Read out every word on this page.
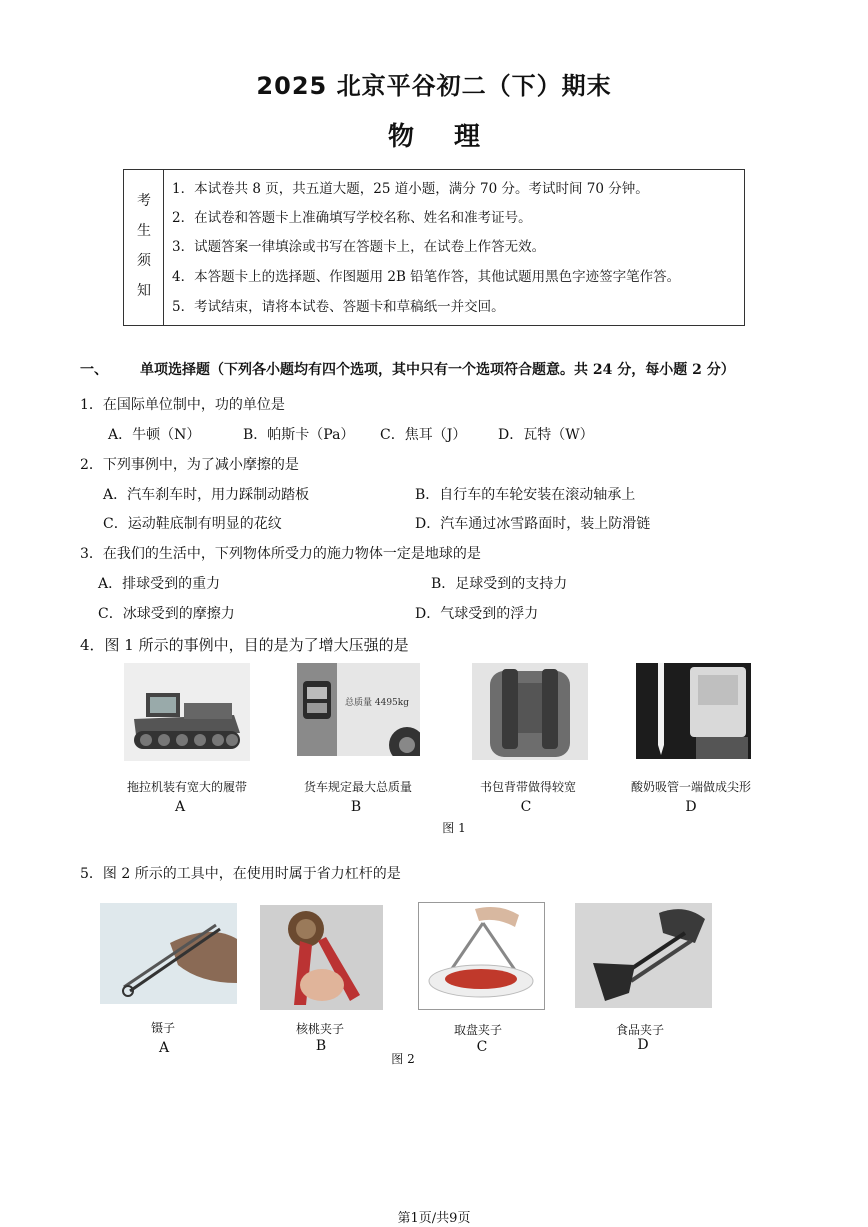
2025 北京平谷初二（下）期末
物理
考
生
须
知
1．本试卷共 8 页，共五道大题，25 道小题，满分 70 分。考试时间 70 分钟。
2．在试卷和答题卡上准确填写学校名称、姓名和准考证号。
3．试题答案一律填涂或书写在答题卡上，在试卷上作答无效。
4．本答题卡上的选择题、作图题用 2B 铅笔作答，其他试题用黑色字迹签字笔作答。
5．考试结束，请将本试卷、答题卡和草稿纸一并交回。
一、 单项选择题（下列各小题均有四个选项，其中只有一个选项符合题意。共 24 分，每小题 2 分）
1．在国际单位制中，功的单位是
A．牛顿（N）	B．帕斯卡（Pa） C．焦耳（J） D．瓦特（W）
2．下列事例中，为了减小摩擦的是
A．汽车刹车时，用力踩制动踏板	B．自行车的车轮安装在滚动轴承上
C．运动鞋底制有明显的花纹	D．汽车通过冰雪路面时，装上防滑链
3．在我们的生活中，下列物体所受力的施力物体一定是地球的是
A．排球受到的重力	B．足球受到的支持力
C．冰球受到的摩擦力	D．气球受到的浮力
4．图 1 所示的事例中，目的是为了增大压强的是
总质量 4495kg
拖拉机装有宽大的履带	货车规定最大总质量	书包背带做得较宽	酸奶吸管一端做成尖形
A	B	C	D
图 1
5．图 2 所示的工具中，在使用时属于省力杠杆的是
镊子	核桃夹子	取盘夹子	食品夹子
A	B	C	D
图 2
第1页/共9页
